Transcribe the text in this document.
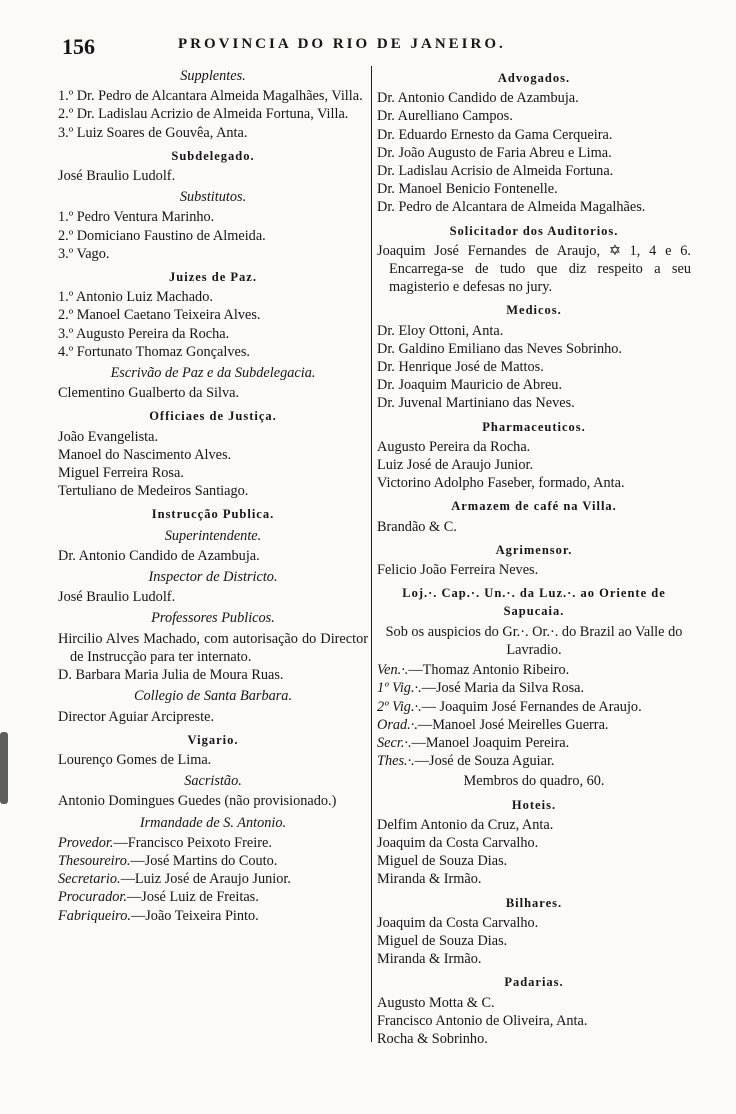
156	PROVINCIA DO RIO DE JANEIRO.
Supplentes.

1.º Dr. Pedro de Alcantara Almeida Magalhães, Villa.

2.º Dr. Ladislau Acrizio de Almeida Fortuna, Villa.

3.º Luiz Soares de Gouvêa, Anta.

Subdelegado.

José Braulio Ludolf.

Substitutos.

1.º Pedro Ventura Marinho.

2.º Domiciano Faustino de Almeida.

3.º Vago.

Juizes de Paz.

1.º Antonio Luiz Machado.

2.º Manoel Caetano Teixeira Alves.

3.º Augusto Pereira da Rocha.

4.º Fortunato Thomaz Gonçalves.

Escrivão de Paz e da Subdelegacia.

Clementino Gualberto da Silva.

Officiaes de Justiça.

João Evangelista.

Manoel do Nascimento Alves.

Miguel Ferreira Rosa.

Tertuliano de Medeiros Santiago.

Instrucção Publica.
Superintendente.

Dr. Antonio Candido de Azambuja.

Inspector de Districto.

José Braulio Ludolf.

Professores Publicos.

Hircilio Alves Machado, com autorisação do Director de Instrucção para ter internato.

D. Barbara Maria Julia de Moura Ruas.

Collegio de Santa Barbara.

Director Aguiar Arcipreste.

Vigario.

Lourenço Gomes de Lima.

Sacristão.

Antonio Domingues Guedes (não provisionado.)

Irmandade de S. Antonio.

Provedor.—Francisco Peixoto Freire.

Thesoureiro.—José Martins do Couto.

Secretario.—Luiz José de Araujo Junior.

Procurador.—José Luiz de Freitas.

Fabriqueiro.—João Teixeira Pinto.

Advogados.

Dr. Antonio Candido de Azambuja.

Dr. Aurelliano Campos.

Dr. Eduardo Ernesto da Gama Cerqueira.

Dr. João Augusto de Faria Abreu e Lima.

Dr. Ladislau Acrisio de Almeida Fortuna.

Dr. Manoel Benicio Fontenelle.

Dr. Pedro de Alcantara de Almeida Magalhães.

Solicitador dos Auditorios.

Joaquim José Fernandes de Araujo, ✡ 1, 4 e 6. Encarrega-se de tudo que diz respeito a seu magisterio e defesas no jury.

Medicos.

Dr. Eloy Ottoni, Anta.

Dr. Galdino Emiliano das Neves Sobrinho.

Dr. Henrique José de Mattos.

Dr. Joaquim Mauricio de Abreu.

Dr. Juvenal Martiniano das Neves.

Pharmaceuticos.

Augusto Pereira da Rocha.

Luiz José de Araujo Junior.

Victorino Adolpho Faseber, formado, Anta.

Armazem de café na Villa.

Brandão & C.

Agrimensor.

Felicio João Ferreira Neves.

Loj.·. Cap.·. Un.·. da Luz.·. ao Oriente de Sapucaia.
Sob os auspicios do Gr.·. Or.·. do Brazil ao Valle do Lavradio.

Ven.·.—Thomaz Antonio Ribeiro.

1º Vig.·.—José Maria da Silva Rosa.

2º Vig.·.— Joaquim José Fernandes de Araujo.

Orad.·.—Manoel José Meirelles Guerra.

Secr.·.—Manoel Joaquim Pereira.

Thes.·.—José de Souza Aguiar.

Membros do quadro, 60.
Hoteis.

Delfim Antonio da Cruz, Anta.

Joaquim da Costa Carvalho.

Miguel de Souza Dias.

Miranda & Irmão.

Bilhares.

Joaquim da Costa Carvalho.

Miguel de Souza Dias.

Miranda & Irmão.

Padarias.

Augusto Motta & C.

Francisco Antonio de Oliveira, Anta.

Rocha & Sobrinho.
